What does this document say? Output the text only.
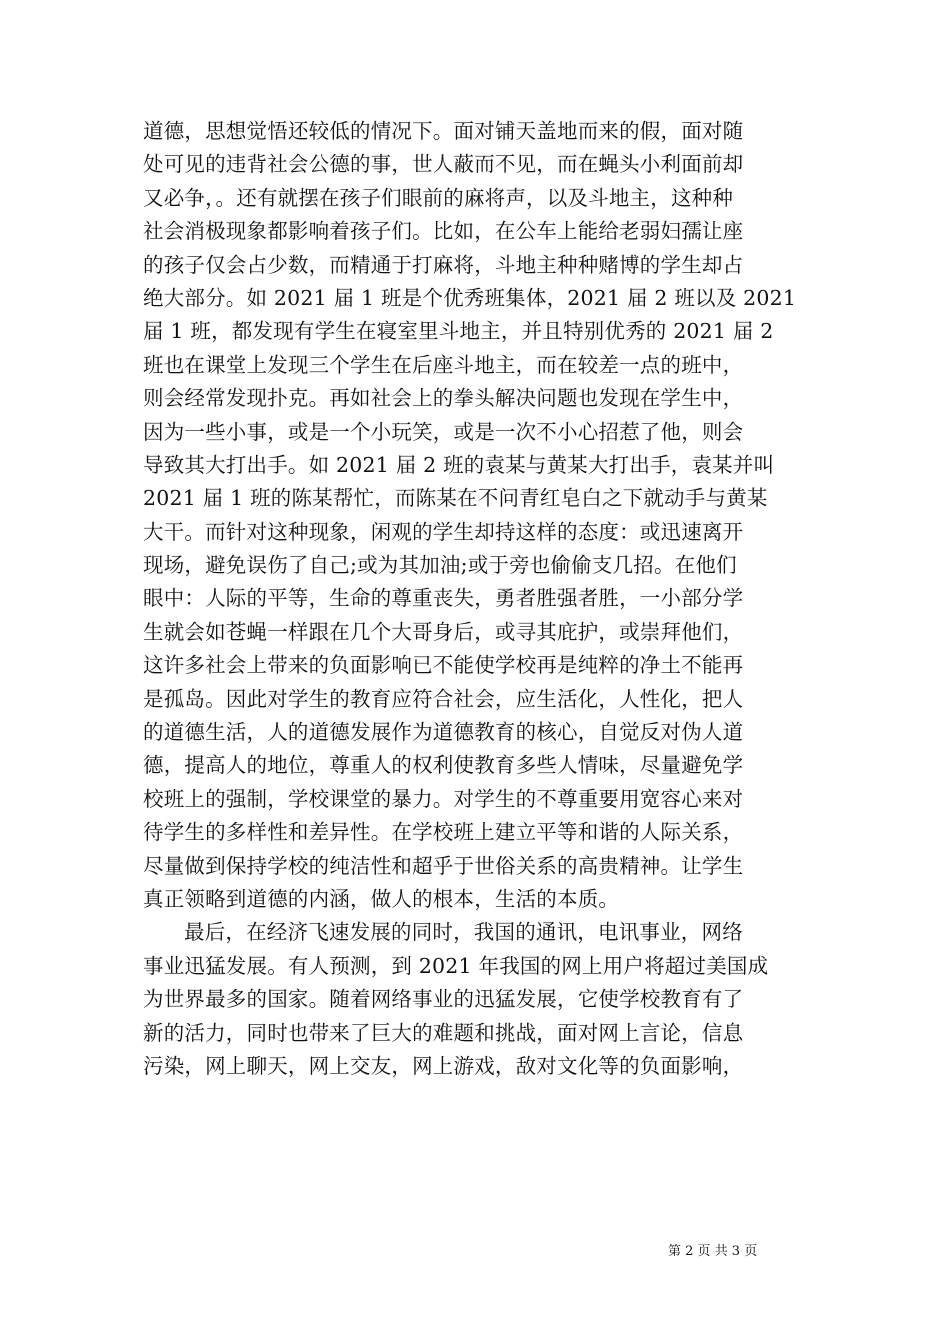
道德，思想觉悟还较低的情况下。面对铺天盖地而来的假，面对随
处可见的违背社会公德的事，世人蔽而不见，而在蝇头小利面前却
又必争，。还有就摆在孩子们眼前的麻将声，以及斗地主，这种种
社会消极现象都影响着孩子们。比如，在公车上能给老弱妇孺让座
的孩子仅会占少数，而精通于打麻将，斗地主种种赌博的学生却占
绝大部分。如 2021 届 1 班是个优秀班集体，2021 届 2 班以及 2021
届 1 班，都发现有学生在寝室里斗地主，并且特别优秀的 2021 届 2
班也在课堂上发现三个学生在后座斗地主，而在较差一点的班中，
则会经常发现扑克。再如社会上的拳头解决问题也发现在学生中，
因为一些小事，或是一个小玩笑，或是一次不小心招惹了他，则会
导致其大打出手。如 2021 届 2 班的袁某与黄某大打出手，袁某并叫
2021 届 1 班的陈某帮忙，而陈某在不问青红皂白之下就动手与黄某
大干。而针对这种现象，闲观的学生却持这样的态度：或迅速离开
现场，避免误伤了自己;或为其加油;或于旁也偷偷支几招。在他们
眼中：人际的平等，生命的尊重丧失，勇者胜强者胜，一小部分学
生就会如苍蝇一样跟在几个大哥身后，或寻其庇护，或崇拜他们，
这许多社会上带来的负面影响已不能使学校再是纯粹的净土不能再
是孤岛。因此对学生的教育应符合社会，应生活化，人性化，把人
的道德生活，人的道德发展作为道德教育的核心，自觉反对伪人道
德，提高人的地位，尊重人的权利使教育多些人情味，尽量避免学
校班上的强制，学校课堂的暴力。对学生的不尊重要用宽容心来对
待学生的多样性和差异性。在学校班上建立平等和谐的人际关系，
尽量做到保持学校的纯洁性和超乎于世俗关系的高贵精神。让学生
真正领略到道德的内涵，做人的根本，生活的本质。

最后，在经济飞速发展的同时，我国的通讯，电讯事业，网络
事业迅猛发展。有人预测，到 2021 年我国的网上用户将超过美国成
为世界最多的国家。随着网络事业的迅猛发展，它使学校教育有了
新的活力，同时也带来了巨大的难题和挑战，面对网上言论，信息
污染，网上聊天，网上交友，网上游戏，敌对文化等的负面影响，

第 2 页 共 3 页
